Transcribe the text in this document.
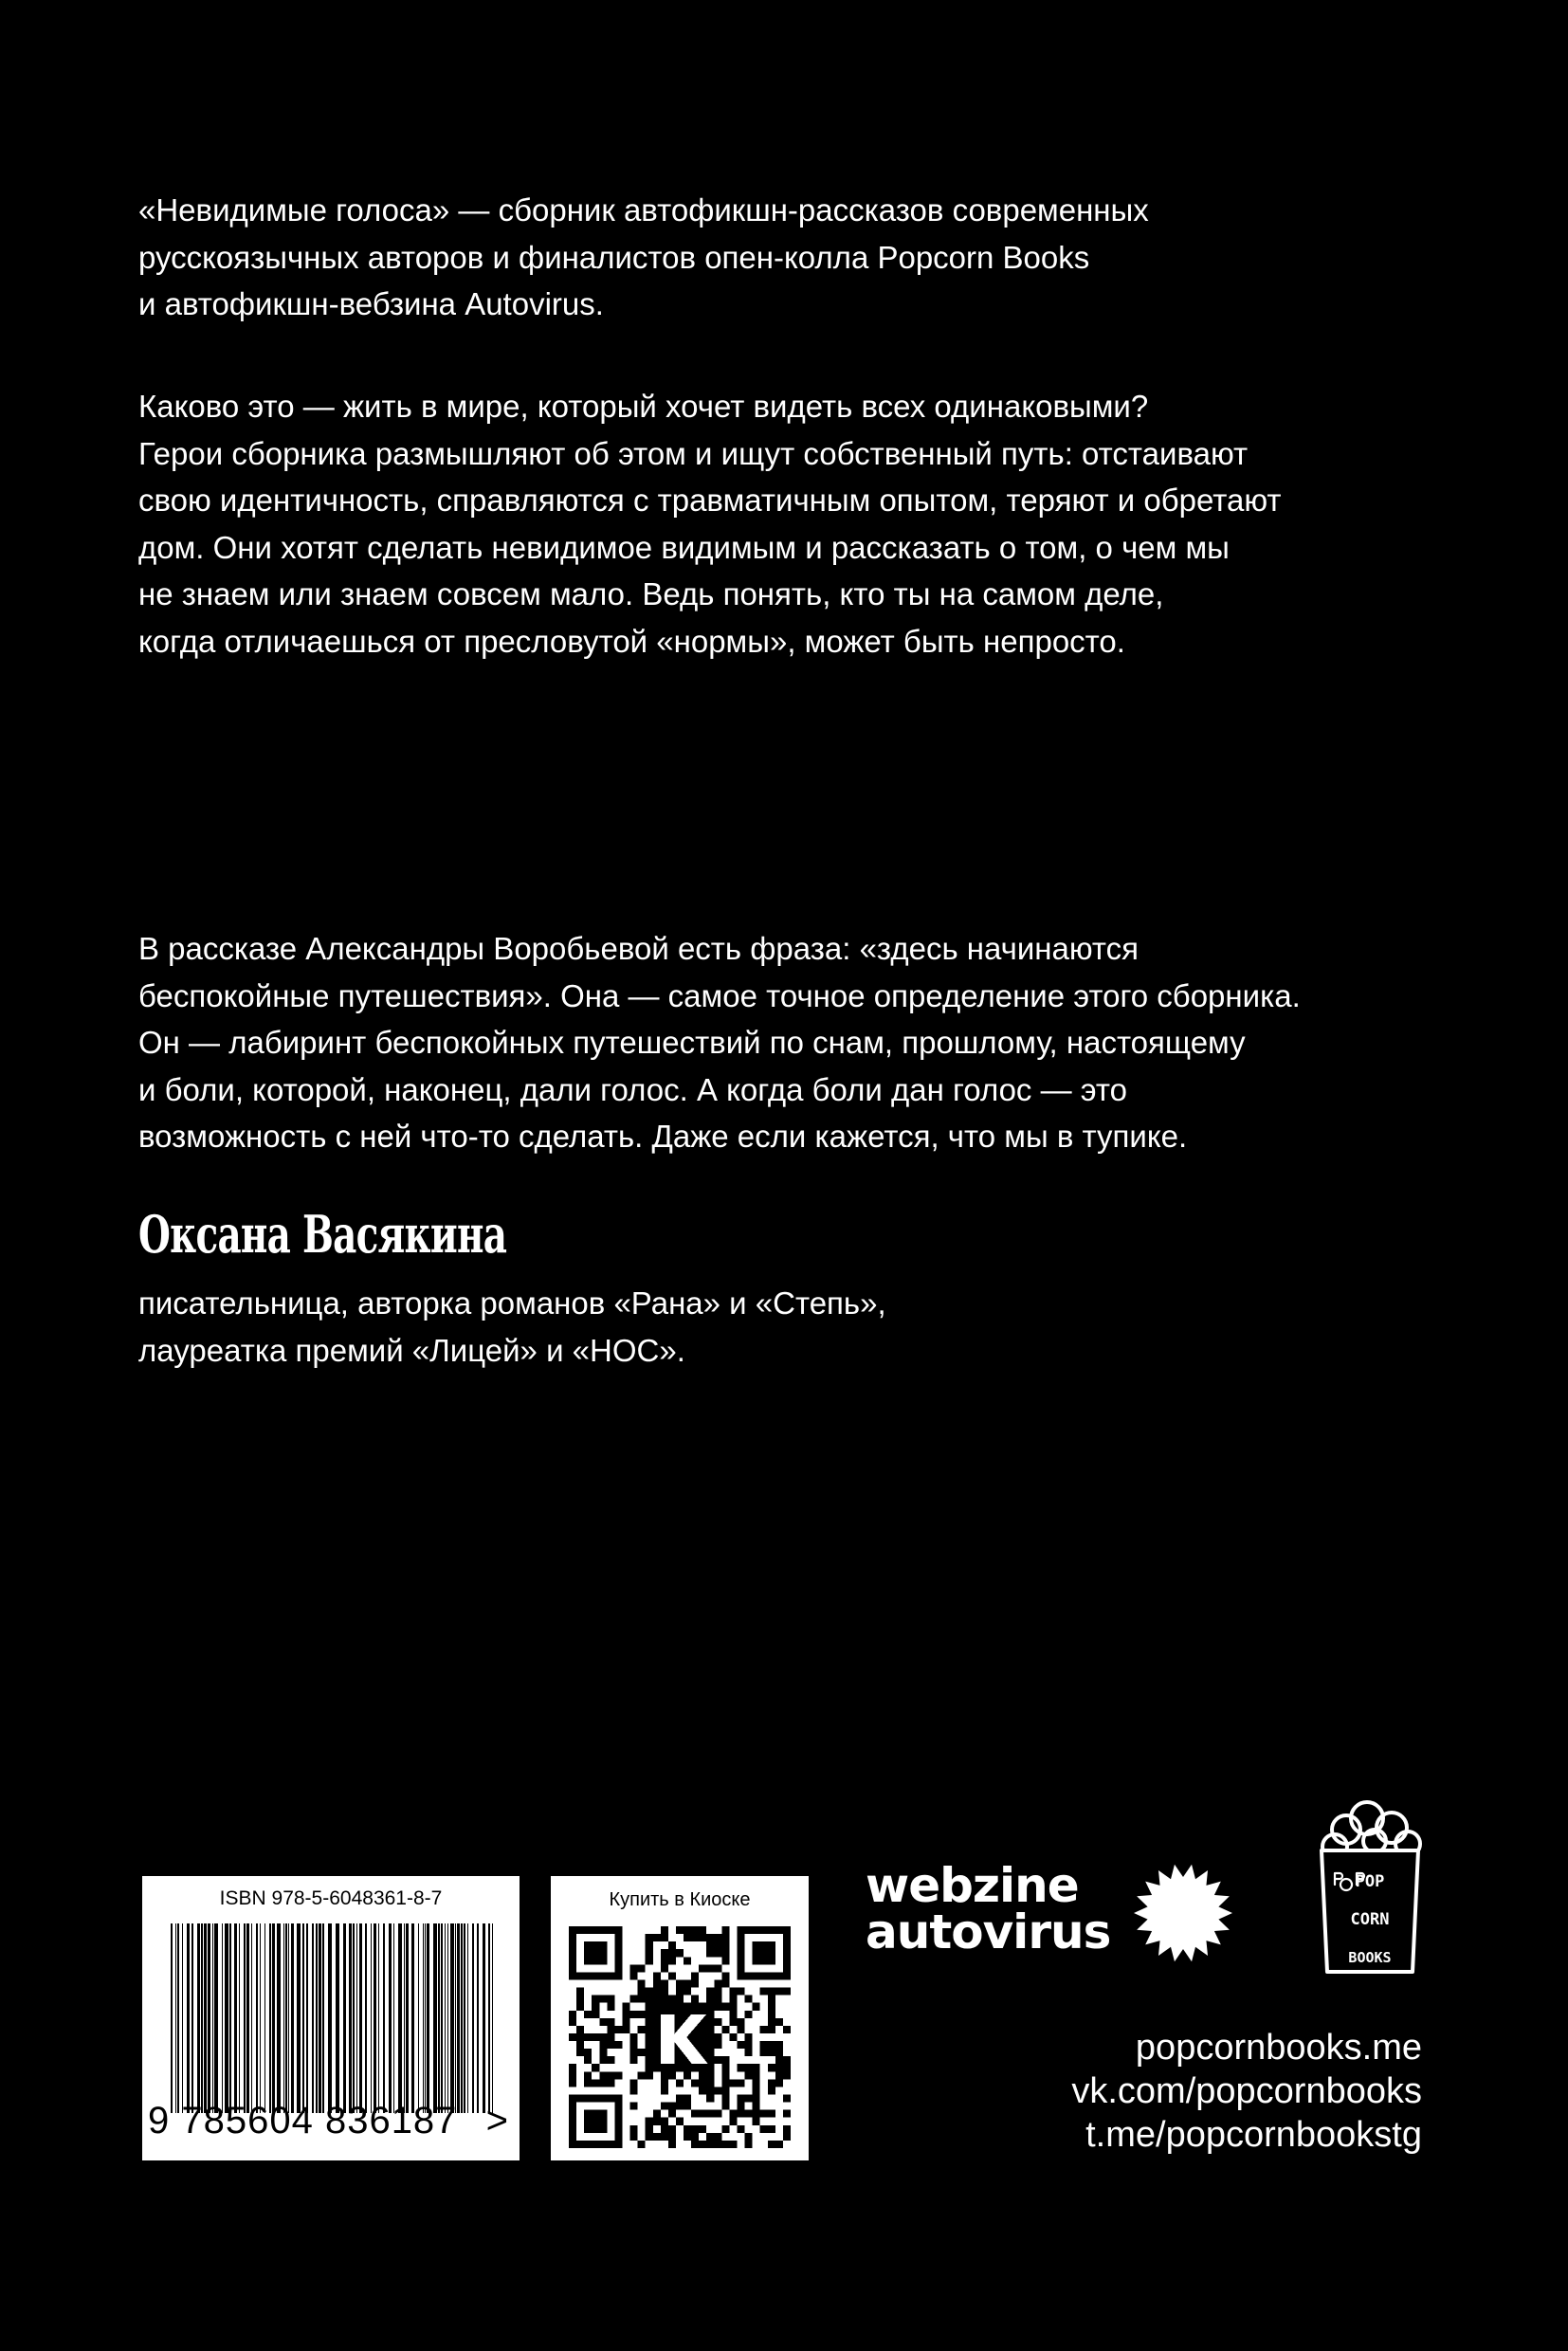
«Невидимые голоса» — сборник автофикшн-рассказов современных
русскоязычных авторов и финалистов опен-колла Popcorn Books
и автофикшн-вебзина Autovirus.

Каково это — жить в мире, который хочет видеть всех одинаковыми?
Герои сборника размышляют об этом и ищут собственный путь: отстаивают
свою идентичность, справляются с травматичным опытом, теряют и обретают
дом. Они хотят сделать невидимое видимым и рассказать о том, о чем мы
не знаем или знаем совсем мало. Ведь понять, кто ты на самом деле,
когда отличаешься от пресловутой «нормы», может быть непросто.

В рассказе Александры Воробьевой есть фраза: «здесь начинаются
беспокойные путешествия». Она — самое точное определение этого сборника.
Он — лабиринт беспокойных путешествий по снам, прошлому, настоящему
и боли, которой, наконец, дали голос. А когда боли дан голос — это
возможность с ней что-то сделать. Даже если кажется, что мы в тупике.

Оксана Васякина

писательница, авторка романов «Рана» и «Степь»,
лауреатка премий «Лицей» и «НОС».

ISBN 978-5-6048361-8-7
9 785604 836187 >
Купить в Киоске	webzine
autovirus
POP
CORN
BOOKS
popcornbooks.me
vk.com/popcornbooks
t.me/popcornbookstg
